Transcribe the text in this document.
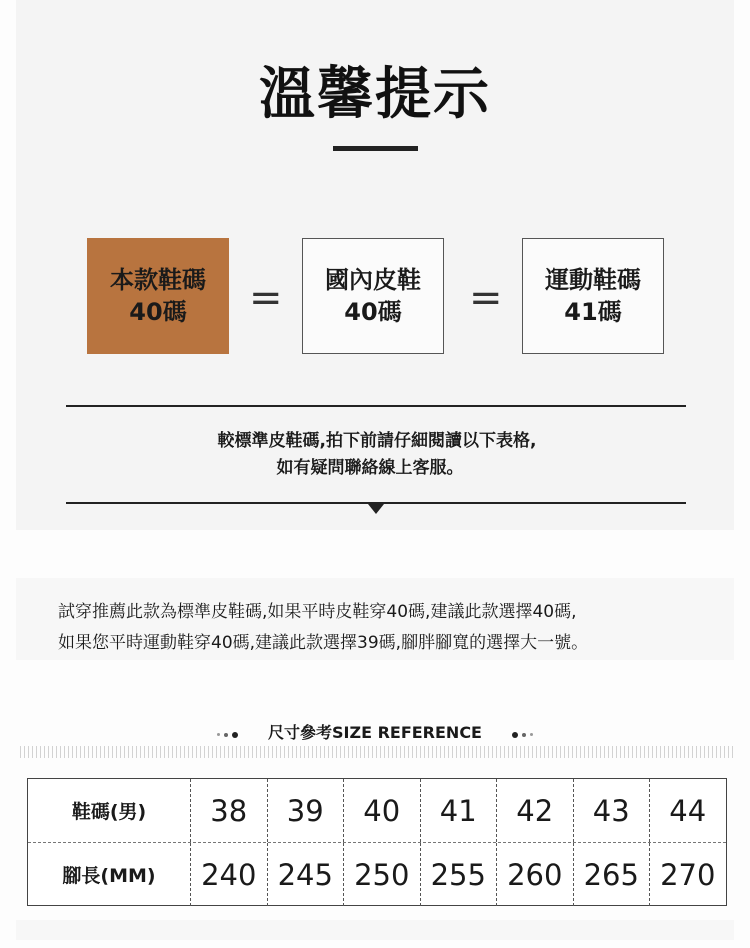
溫馨提示
本款鞋碼
40碼 = 國內皮鞋
40碼 = 運動鞋碼
41碼
較標準皮鞋碼,拍下前請仔細閱讀以下表格,
如有疑問聯絡線上客服。
試穿推薦此款為標準皮鞋碼,如果平時皮鞋穿40碼,建議此款選擇40碼,
如果您平時運動鞋穿40碼,建議此款選擇39碼,腳胖腳寬的選擇大一號。
尺寸參考SIZE REFERENCE
鞋碼(男)	38	39	40	41	42	43	44
腳長(MM)	240 245 250 255 260 265 270
